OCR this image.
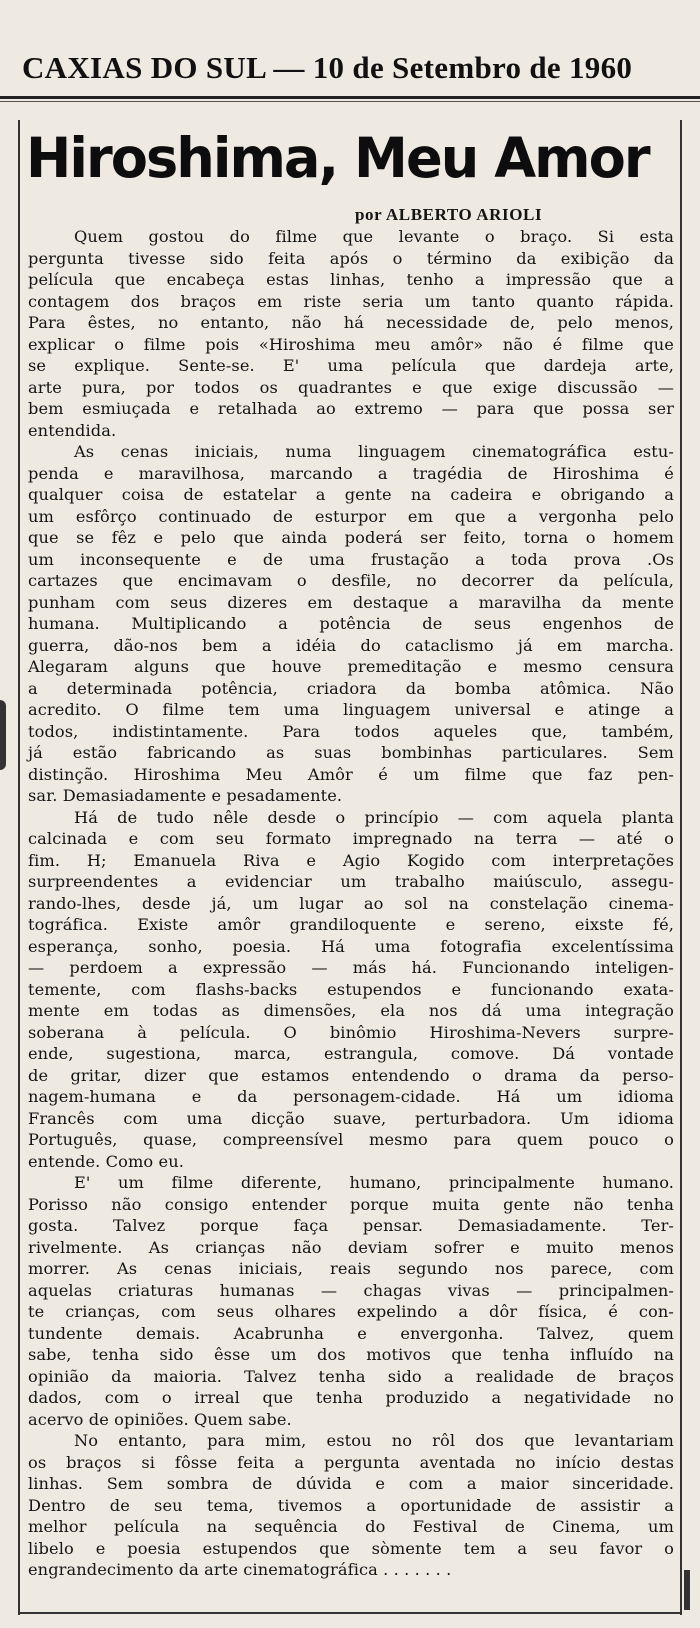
CAXIAS DO SUL — 10 de Setembro de 1960
Hiroshima, Meu Amor
por ALBERTO ARIOLI
Quem gostou do filme que levante o braço. Si esta
pergunta tivesse sido feita após o término da exibição da
película que encabeça estas linhas, tenho a impressão que a
contagem dos braços em riste seria um tanto quanto rápida.
Para êstes, no entanto, não há necessidade de, pelo menos,
explicar o filme pois «Hiroshima meu amôr» não é filme que
se explique. Sente-se. E' uma película que dardeja arte,
arte pura, por todos os quadrantes e que exige discussão —
bem esmiuçada e retalhada ao extremo — para que possa ser
entendida.
As cenas iniciais, numa linguagem cinematográfica estu-
penda e maravilhosa, marcando a tragédia de Hiroshima é
qualquer coisa de estatelar a gente na cadeira e obrigando a
um esfôrço continuado de esturpor em que a vergonha pelo
que se fêz e pelo que ainda poderá ser feito, torna o homem
um inconsequente e de uma frustação a toda prova .Os
cartazes que encimavam o desfile, no decorrer da película,
punham com seus dizeres em destaque a maravilha da mente
humana. Multiplicando a potência de seus engenhos de
guerra, dão-nos bem a idéia do cataclismo já em marcha.
Alegaram alguns que houve premeditação e mesmo censura
a determinada potência, criadora da bomba atômica. Não
acredito. O filme tem uma linguagem universal e atinge a
todos, indistintamente. Para todos aqueles que, também,
já estão fabricando as suas bombinhas particulares. Sem
distinção. Hiroshima Meu Amôr é um filme que faz pen-
sar. Demasiadamente e pesadamente.
Há de tudo nêle desde o princípio — com aquela planta
calcinada e com seu formato impregnado na terra — até o
fim. H; Emanuela Riva e Agio Kogido com interpretações
surpreendentes a evidenciar um trabalho maiúsculo, assegu-
rando-lhes, desde já, um lugar ao sol na constelação cinema-
tográfica. Existe amôr grandiloquente e sereno, eixste fé,
esperança, sonho, poesia. Há uma fotografia excelentíssima
— perdoem a expressão — más há. Funcionando inteligen-
temente, com flashs-backs estupendos e funcionando exata-
mente em todas as dimensões, ela nos dá uma integração
soberana à película. O binômio Hiroshima-Nevers surpre-
ende, sugestiona, marca, estrangula, comove. Dá vontade
de gritar, dizer que estamos entendendo o drama da perso-
nagem-humana e da personagem-cidade. Há um idioma
Francês com uma dicção suave, perturbadora. Um idioma
Português, quase, compreensível mesmo para quem pouco o
entende. Como eu.
E' um filme diferente, humano, principalmente humano.
Porisso não consigo entender porque muita gente não tenha
gosta. Talvez porque faça pensar. Demasiadamente. Ter-
rivelmente. As crianças não deviam sofrer e muito menos
morrer. As cenas iniciais, reais segundo nos parece, com
aquelas criaturas humanas — chagas vivas — principalmen-
te crianças, com seus olhares expelindo a dôr física, é con-
tundente demais. Acabrunha e envergonha. Talvez, quem
sabe, tenha sido êsse um dos motivos que tenha influído na
opinião da maioria. Talvez tenha sido a realidade de braços
dados, com o irreal que tenha produzido a negatividade no
acervo de opiniões. Quem sabe.
No entanto, para mim, estou no rôl dos que levantariam
os braços si fôsse feita a pergunta aventada no início destas
linhas. Sem sombra de dúvida e com a maior sinceridade.
Dentro de seu tema, tivemos a oportunidade de assistir a
melhor película na sequência do Festival de Cinema, um
libelo e poesia estupendos que sòmente tem a seu favor o
engrandecimento da arte cinematográfica . . . . . . .
